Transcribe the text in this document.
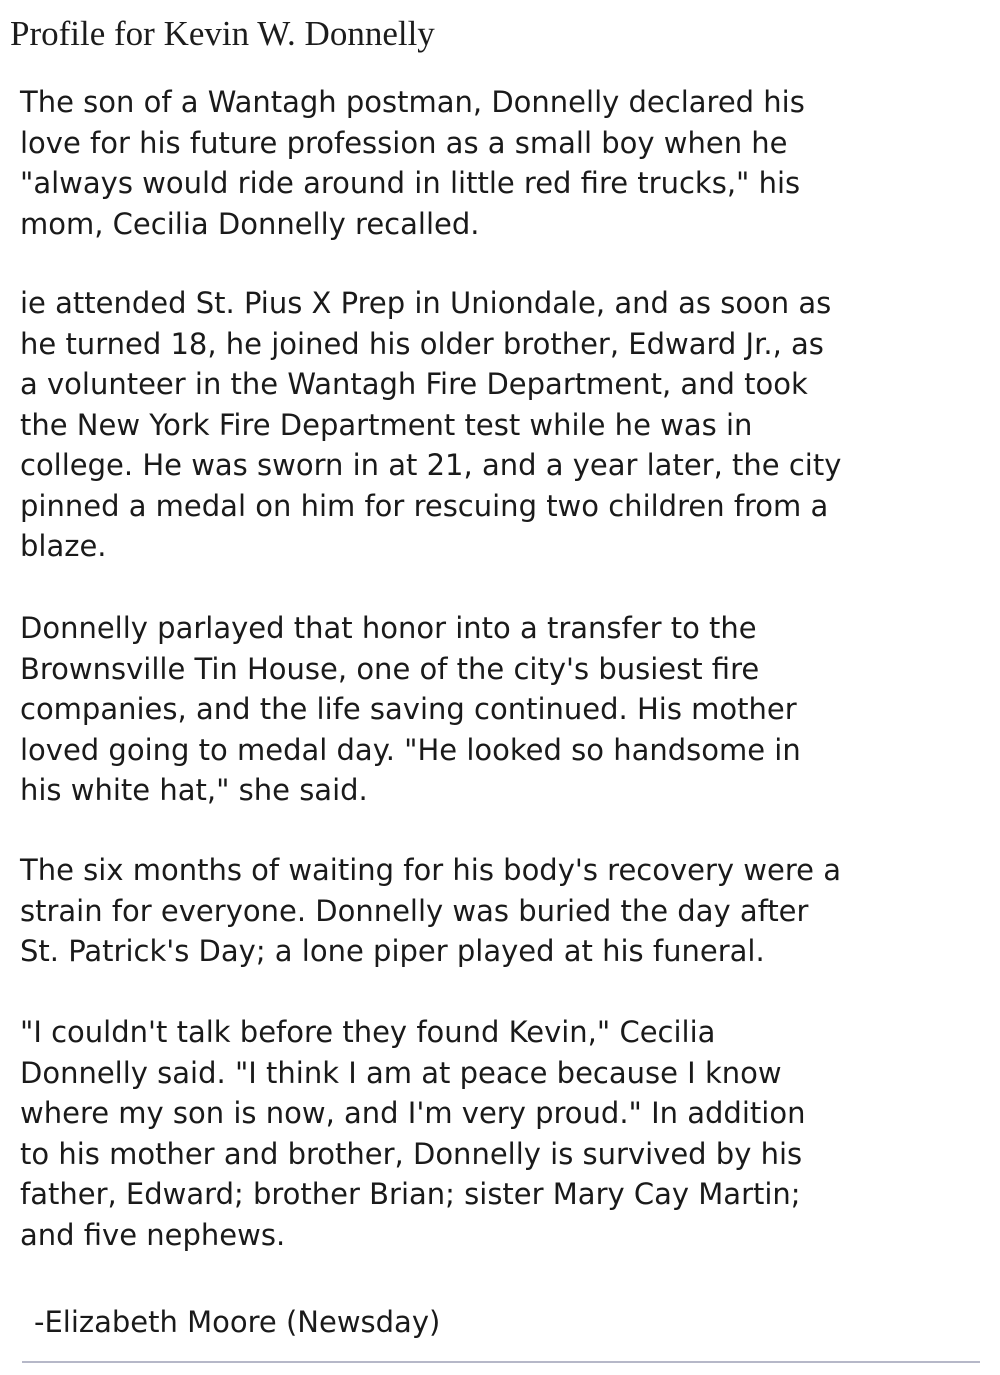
Profile for Kevin W. Donnelly
The son of a Wantagh postman, Donnelly declared his
love for his future profession as a small boy when he
"always would ride around in little red fire trucks," his
mom, Cecilia Donnelly recalled.
ie attended St. Pius X Prep in Uniondale, and as soon as
he turned 18, he joined his older brother, Edward Jr., as
a volunteer in the Wantagh Fire Department, and took
the New York Fire Department test while he was in
college. He was sworn in at 21, and a year later, the city
pinned a medal on him for rescuing two children from a
blaze.
Donnelly parlayed that honor into a transfer to the
Brownsville Tin House, one of the city's busiest fire
companies, and the life saving continued. His mother
loved going to medal day. "He looked so handsome in
his white hat," she said.
The six months of waiting for his body's recovery were a
strain for everyone. Donnelly was buried the day after
St. Patrick's Day; a lone piper played at his funeral.
"I couldn't talk before they found Kevin," Cecilia
Donnelly said. "I think I am at peace because I know
where my son is now, and I'm very proud." In addition
to his mother and brother, Donnelly is survived by his
father, Edward; brother Brian; sister Mary Cay Martin;
and five nephews.
-Elizabeth Moore (Newsday)
